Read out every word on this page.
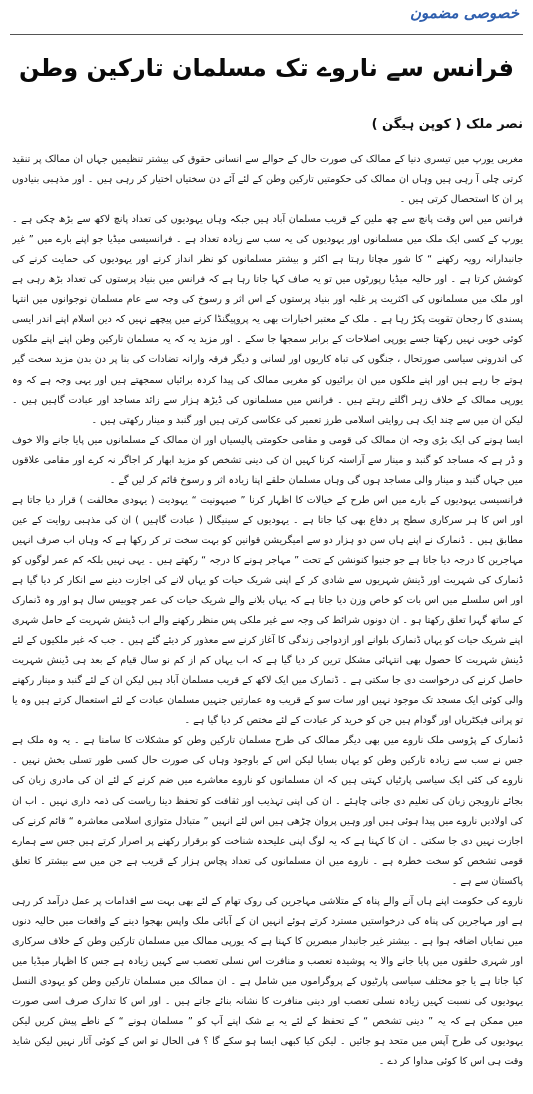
خصوصی مضمون
فرانس سے ناروے تک مسلمان تارکین وطن
نصر ملک ( کوپن ہیگن )

مغربی یورپ میں تیسری دنیا کے ممالک کی صورت حال کے حوالے سے انسانی حقوق کی بیشتر تنظیمیں جہاں ان ممالک پر تنقید کرتی چلی آ رہی ہیں وہاں ان ممالک کی حکومتیں تارکین وطن کے لئے آئے دن سختیاں اختیار کر رہی ہیں ۔ اور مذہبی بنیادوں پر ان کا استحصال کرتی ہیں ۔

فرانس میں اس وقت پانچ سے چھ ملین کے قریب مسلمان آباد ہیں جبکہ وہاں یہودیوں کی تعداد پانچ لاکھ سے بڑھ چکی ہے ۔ یورپ کے کسی ایک ملک میں مسلمانوں اور یہودیوں کی یہ سب سے زیادہ تعداد ہے ۔ فرانسیسی میڈیا جو اپنے بارے میں ” غیر جانبدارانہ رویہ رکھنے “ کا شور مچاتا رہتا ہے اکثر و بیشتر مسلمانوں کو نظر انداز کرنے اور یہودیوں کی حمایت کرنے کی کوشش کرتا ہے ۔ اور حالیہ میڈیا رپورٹوں میں تو یہ صاف کہا جاتا رہا ہے کہ فرانس میں بنیاد پرستوں کی تعداد بڑھ رہی ہے اور ملک میں مسلمانوں کی اکثریت پر غلبہ اور بنیاد پرستوں کے اس اثر و رسوخ کی وجہ سے عام مسلمان نوجوانوں میں انتہا پسندی کا رجحان تقویت پکڑ رہا ہے ۔ ملک کے معتبر اخبارات بھی یہ پروپیگنڈا کرنے میں پیچھے نہیں کہ دین اسلام اپنے اندر ایسی کوئی خوبی نہیں رکھتا جسے یورپی اصلاحات کے برابر سمجھا جا سکے ۔ اور مزید یہ کہ یہ مسلمان تارکین وطن اپنے اپنے ملکوں کی اندرونی سیاسی صورتحال ، جنگوں کی تباہ کاریوں اور لسانی و دیگر فرقہ وارانہ تضادات کی بنا پر دن بدن مزید سخت گیر ہوتے جا رہے ہیں اور اپنے ملکوں میں ان برائیوں کو مغربی ممالک کی پیدا کردہ برائیاں سمجھتے ہیں اور یہی وجہ ہے کہ وہ یورپی ممالک کے خلاف زہر اگلتے رہتے ہیں ۔ فرانس میں مسلمانوں کی ڈیڑھ ہزار سے زائد مساجد اور عبادت گاہیں ہیں ۔ لیکن ان میں سے چند ایک ہی روایتی اسلامی طرز تعمیر کی عکاسی کرتی ہیں اور گنبد و مینار رکھتی ہیں ۔

ایسا ہونے کی ایک بڑی وجہ ان ممالک کی قومی و مقامی حکومتی پالیسیاں اور ان ممالک کے مسلمانوں میں پایا جانے والا خوف و ڈر ہے کہ مساجد کو گنبد و مینار سے آراستہ کرنا کہیں ان کی دینی تشخص کو مزید ابھار کر اجاگر نہ کرے اور مقامی علاقوں میں جہاں گنبد و مینار والی مساجد ہوں گی وہاں مسلمان حلقے اپنا زیادہ اثر و رسوخ قائم کر لیں گے ۔

فرانسیسی یہودیوں کے بارے میں اس طرح کے خیالات کا اظہار کرنا ” صیہونیت “ یہودیت ( یہودی مخالفت ) قرار دیا جاتا ہے اور اس کا ہر سرکاری سطح پر دفاع بھی کیا جاتا ہے ۔ یہودیوں کے سینیگال ( عبادت گاہیں ) ان کی مذہبی روایت کے عین مطابق ہیں ۔ ڈنمارک نے اپنے ہاں سن دو ہزار دو سے امیگریشن قوانین کو بہت سخت تر کر رکھا ہے کہ وہاں اب صرف انہیں مہاجرین کا درجہ دیا جاتا ہے جو جنیوا کنونشن کے تحت ” مہاجر ہونے کا درجہ “ رکھتے ہیں ۔ یہی نہیں بلکہ کم عمر لوگوں کو ڈنمارک کی شہریت اور ڈینش شہریوں سے شادی کر کے اپنی شریک حیات کو یہاں لانے کی اجازت دینے سے انکار کر دیا گیا ہے اور اس سلسلے میں اس بات کو خاص وزن دیا جاتا ہے کہ یہاں بلانے والے شریک حیات کی عمر چوبیس سال ہو اور وہ ڈنمارک کے ساتھ گہرا تعلق رکھتا ہو ۔ ان دونوں شرائط کی وجہ سے غیر ملکی پس منظر رکھنے والے اب ڈینش شہریت کے حامل شہری اپنے شریک حیات کو یہاں ڈنمارک بلوانے اور ازدواجی زندگی کا آغاز کرنے سے معذور کر دیئے گئے ہیں ۔ جب کہ غیر ملکیوں کے لئے ڈینش شہریت کا حصول بھی انتہائی مشکل ترین کر دیا گیا ہے کہ اب یہاں کم از کم نو سال قیام کے بعد ہی ڈینش شہریت حاصل کرنے کی درخواست دی جا سکتی ہے ۔ ڈنمارک میں ایک لاکھ کے قریب مسلمان آباد ہیں لیکن ان کے لئے گنبد و مینار رکھنے والی کوئی ایک مسجد تک موجود نہیں اور سات سو کے قریب وہ عمارتیں جنہیں مسلمان عبادت کے لئے استعمال کرتے ہیں وہ یا تو پرانی فیکٹریاں اور گودام ہیں جن کو خرید کر عبادت کے لئے مختص کر دیا گیا ہے ۔

ڈنمارک کے پڑوسی ملک ناروے میں بھی دیگر ممالک کی طرح مسلمان تارکین وطن کو مشکلات کا سامنا ہے ۔ یہ وہ ملک ہے جس نے سب سے زیادہ تارکین وطن کو یہاں بسایا لیکن اس کے باوجود وہاں کی صورت حال کسی طور تسلی بخش نہیں ۔ ناروے کی کئی ایک سیاسی پارٹیاں کہتی ہیں کہ ان مسلمانوں کو ناروے معاشرے میں ضم کرنے کے لئے ان کی مادری زبان کی بجائے نارویجن زبان کی تعلیم دی جانی چاہئے ۔ ان کی اپنی تہذیب اور ثقافت کو تحفظ دینا ریاست کی ذمہ داری نہیں ۔ اب ان کی اولادیں ناروے میں پیدا ہوئی ہیں اور وہیں پروان چڑھی ہیں اس لئے انہیں ” متبادل متوازی اسلامی معاشرہ “ قائم کرنے کی اجازت نہیں دی جا سکتی ۔ ان کا کہنا ہے کہ یہ لوگ اپنی علیحدہ شناخت کو برقرار رکھنے پر اصرار کرتے ہیں جس سے ہمارے قومی تشخص کو سخت خطرہ ہے ۔ ناروے میں ان مسلمانوں کی تعداد پچاس ہزار کے قریب ہے جن میں سے بیشتر کا تعلق پاکستان سے ہے ۔

ناروے کی حکومت اپنے ہاں آنے والے پناہ کے متلاشی مہاجرین کی روک تھام کے لئے بھی بہت سے اقدامات پر عمل درآمد کر رہی ہے اور مہاجرین کی پناہ کی درخواستیں مسترد کرتے ہوئے انہیں ان کے آبائی ملک واپس بھجوا دینے کے واقعات میں حالیہ دنوں میں نمایاں اضافہ ہوا ہے ۔ بیشتر غیر جانبدار مبصرین کا کہنا ہے کہ یورپی ممالک میں مسلمان تارکین وطن کے خلاف سرکاری اور شہری حلقوں میں پایا جانے والا یہ پوشیدہ تعصب و منافرت اس نسلی تعصب سے کہیں زیادہ ہے جس کا اظہار میڈیا میں کیا جاتا ہے یا جو مختلف سیاسی پارٹیوں کے پروگراموں میں شامل ہے ۔ ان ممالک میں مسلمان تارکین وطن کو یہودی النسل یہودیوں کی نسبت کہیں زیادہ نسلی تعصب اور دینی منافرت کا نشانہ بنائے جاتے ہیں ۔ اور اس کا تدارک صرف اسی صورت میں ممکن ہے کہ یہ ” دینی تشخص “ کے تحفظ کے لئے یہ بے شک اپنے آپ کو ” مسلمان ہونے “ کے ناطے پیش کریں لیکن یہودیوں کی طرح آپس میں متحد ہو جائیں ۔ لیکن کیا کبھی ایسا ہو سکے گا ؟ فی الحال تو اس کے کوئی آثار نہیں لیکن شاید وقت ہی اس کا کوئی مداوا کر دے ۔
